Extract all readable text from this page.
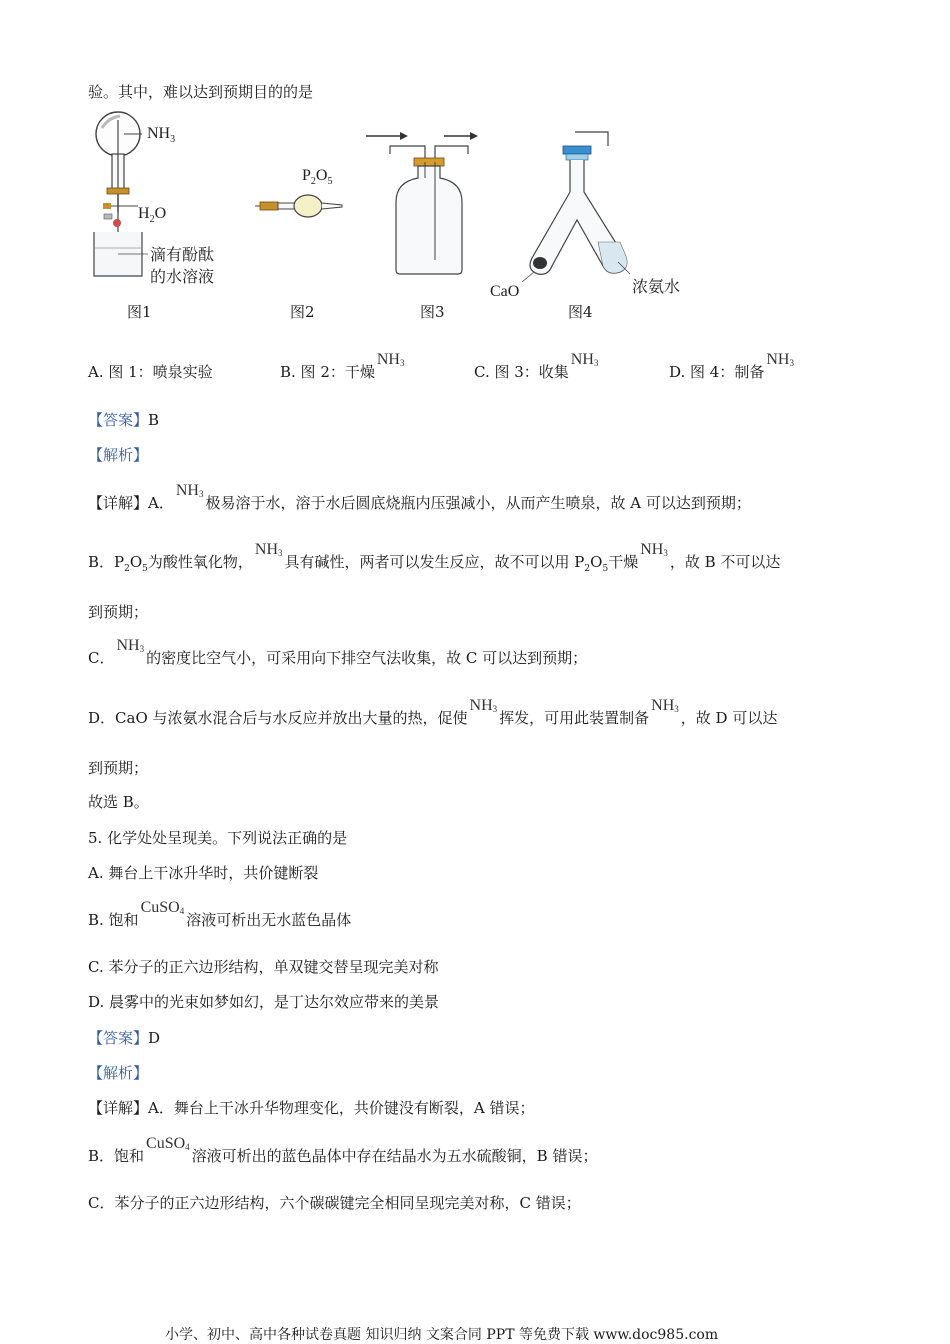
验。其中，难以达到预期目的的是
$NH_3$
$H_2O$
滴有酚酞
的水溶液
$P_2O_5$
CaO	浓氨水
图1	图2	图3	图4
A. 图 1：喷泉实验	B. 图 2：干燥$NH_3$	C. 图 3：收集$NH_3$	D. 图 4：制备$NH_3$
【答案】B
【解析】
【详解】A．$NH_3$ 极易溶于水，溶于水后圆底烧瓶内压强减小，从而产生喷泉，故 A 可以达到预期；
B．$P_2O_5$为酸性氧化物，$NH_3$ 具有碱性，两者可以发生反应，故不可以用 $P_2O_5$干燥$NH_3$ ，故 B 不可以达
到预期；
C．$NH_3$ 的密度比空气小，可采用向下排空气法收集，故 C 可以达到预期；
D．CaO 与浓氨水混合后与水反应并放出大量的热，促使$NH_3$ 挥发，可用此装置制备$NH_3$ ，故 D 可以达
到预期；
故选 B。
5. 化学处处呈现美。下列说法正确的是
A. 舞台上干冰升华时，共价键断裂
B. 饱和CuSO$_4$ 溶液可析出无水蓝色晶体
C. 苯分子的正六边形结构，单双键交替呈现完美对称
D. 晨雾中的光束如梦如幻，是丁达尔效应带来的美景
【答案】D
【解析】
【详解】A．舞台上干冰升华物理变化，共价键没有断裂，A 错误；
B．饱和CuSO$_4$ 溶液可析出的蓝色晶体中存在结晶水为五水硫酸铜，B 错误；
C．苯分子的正六边形结构，六个碳碳键完全相同呈现完美对称，C 错误；
小学、初中、高中各种试卷真题 知识归纳 文案合同 PPT 等免费下载 www.doc985.com
